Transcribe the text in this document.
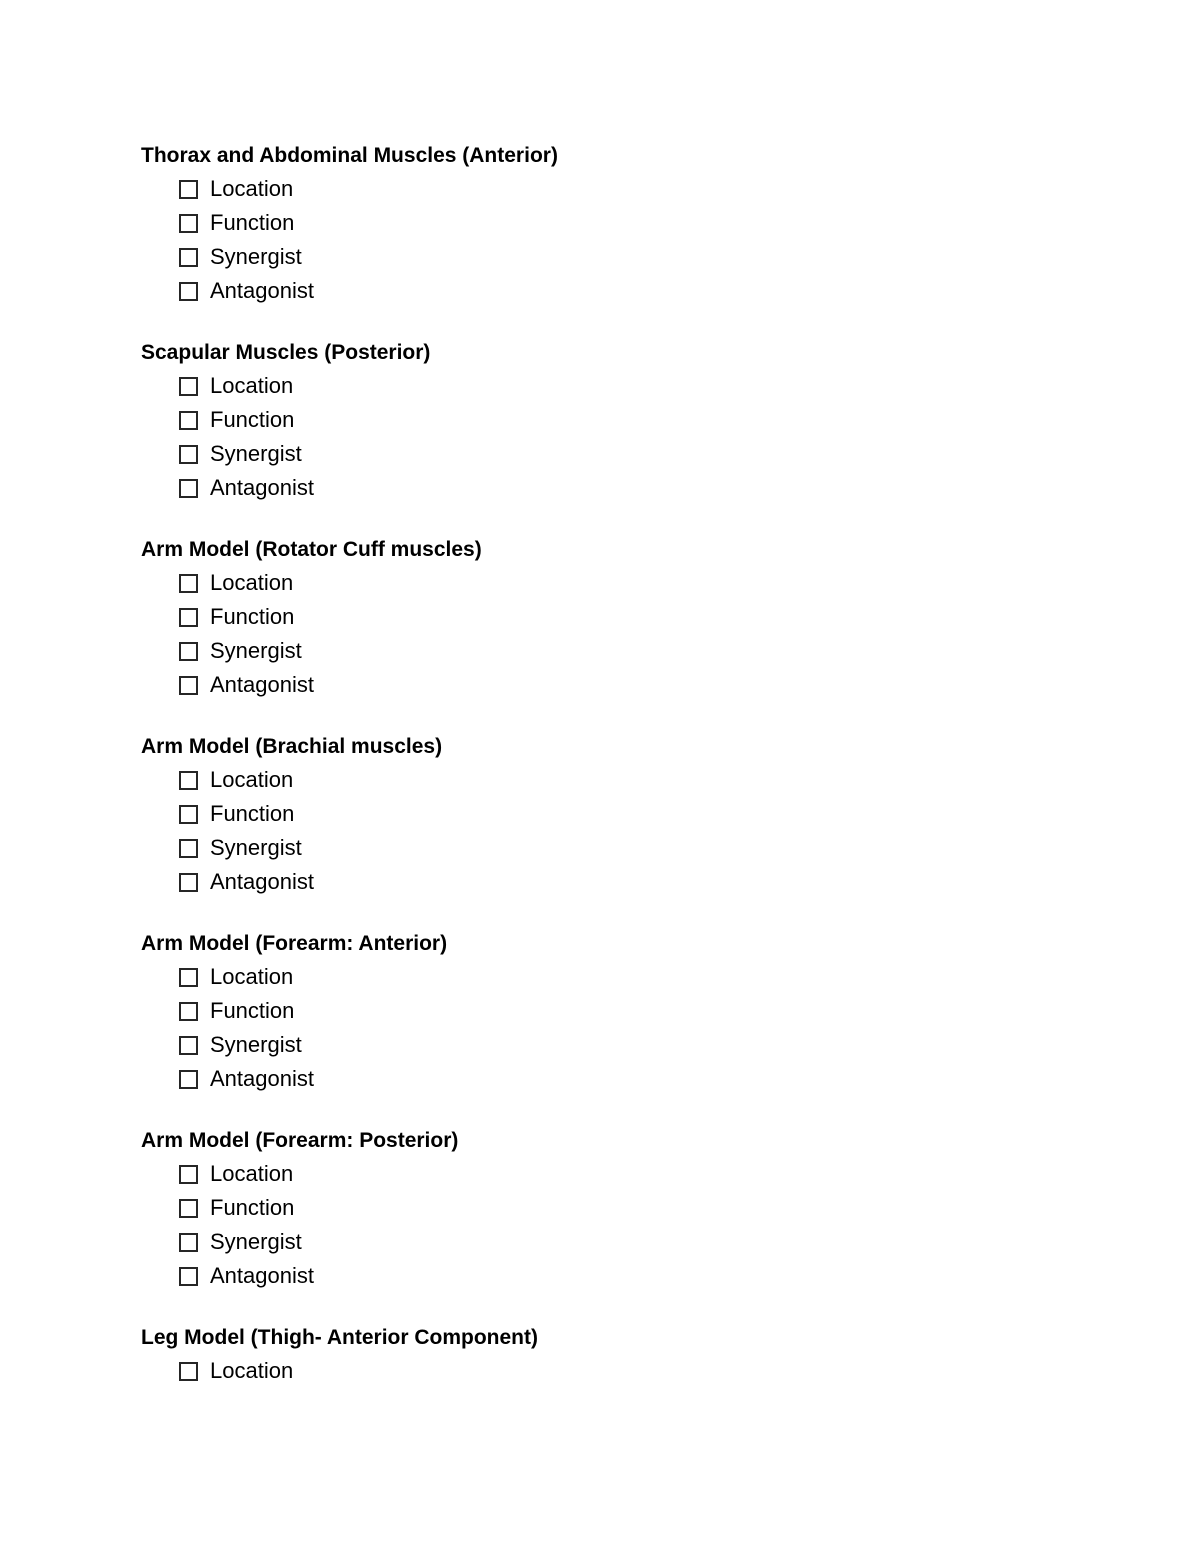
Thorax and Abdominal Muscles (Anterior)
Location
Function
Synergist
Antagonist
Scapular Muscles (Posterior)
Location
Function
Synergist
Antagonist
Arm Model (Rotator Cuff muscles)
Location
Function
Synergist
Antagonist
Arm Model (Brachial muscles)
Location
Function
Synergist
Antagonist
Arm Model (Forearm: Anterior)
Location
Function
Synergist
Antagonist
Arm Model (Forearm: Posterior)
Location
Function
Synergist
Antagonist
Leg Model (Thigh- Anterior Component)
Location
